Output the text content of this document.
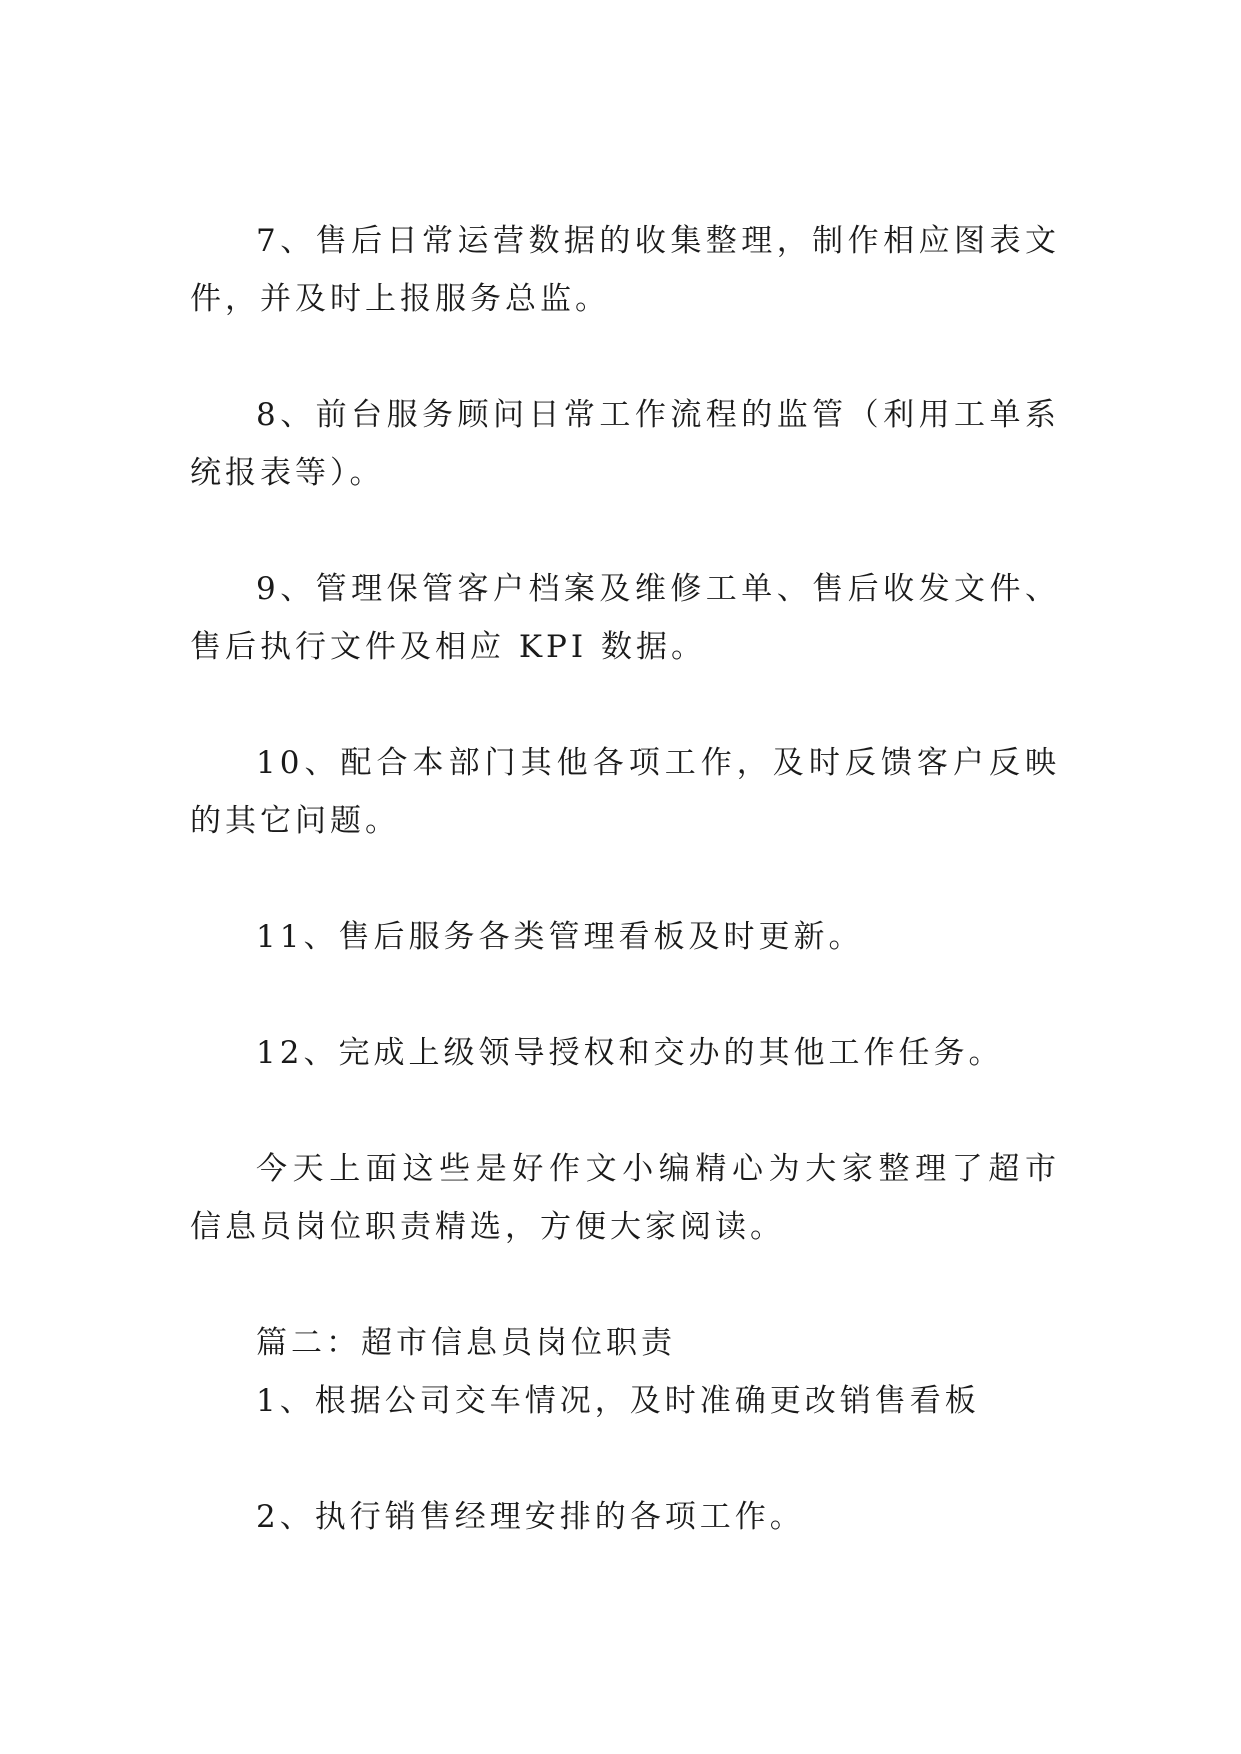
7、售后日常运营数据的收集整理，制作相应图表文件，并及时上报服务总监。

8、前台服务顾问日常工作流程的监管（利用工单系统报表等）。

9、管理保管客户档案及维修工单、售后收发文件、售后执行文件及相应 KPI 数据。

10、配合本部门其他各项工作，及时反馈客户反映的其它问题。

11、售后服务各类管理看板及时更新。

12、完成上级领导授权和交办的其他工作任务。

今天上面这些是好作文小编精心为大家整理了超市信息员岗位职责精选，方便大家阅读。

篇二：超市信息员岗位职责

1、根据公司交车情况，及时准确更改销售看板

2、执行销售经理安排的各项工作。
